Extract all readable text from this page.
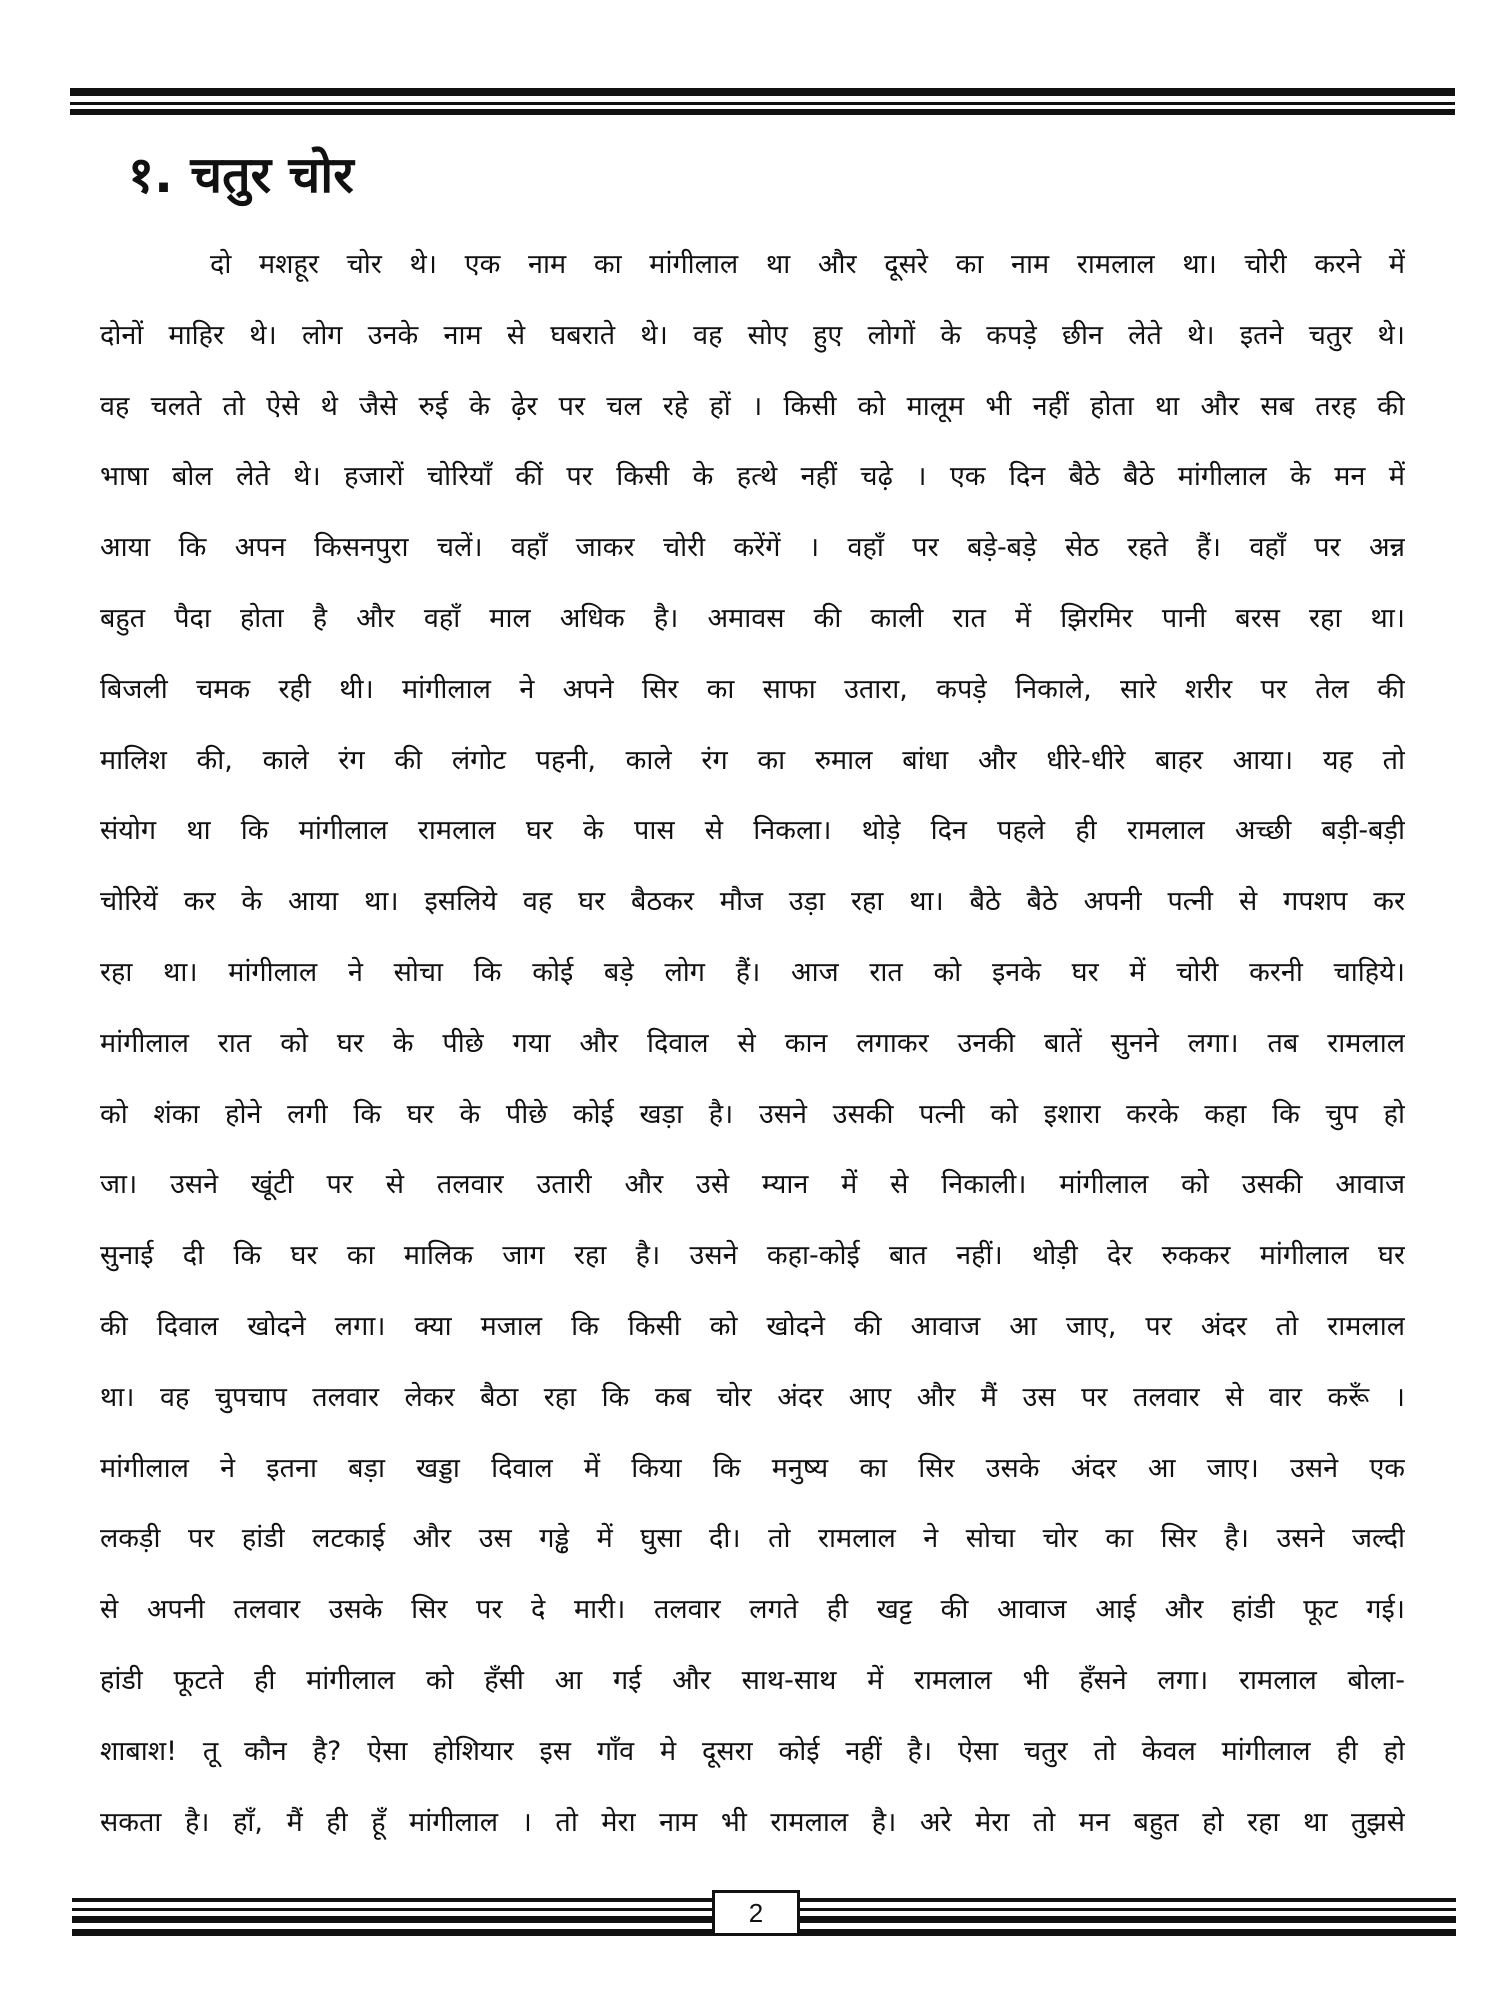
१. चतुर चोर
दो मशहूर चोर थे। एक नाम का मांगीलाल था और दूसरे का नाम रामलाल था। चोरी करने में
दोनों माहिर थे। लोग उनके नाम से घबराते थे। वह सोए हुए लोगों के कपड़े छीन लेते थे। इतने चतुर थे।
वह चलते तो ऐसे थे जैसे रुई के ढ़ेर पर चल रहे हों । किसी को मालूम भी नहीं होता था और सब तरह की
भाषा बोल लेते थे। हजारों चोरियाँ कीं पर किसी के हत्थे नहीं चढ़े । एक दिन बैठे बैठे मांगीलाल के मन में
आया कि अपन किसनपुरा चलें। वहाँ जाकर चोरी करेंगें । वहाँ पर बड़े-बड़े सेठ रहते हैं। वहाँ पर अन्न
बहुत पैदा होता है और वहाँ माल अधिक है। अमावस की काली रात में झिरमिर पानी बरस रहा था।
बिजली चमक रही थी। मांगीलाल ने अपने सिर का साफा उतारा, कपड़े निकाले, सारे शरीर पर तेल की
मालिश की, काले रंग की लंगोट पहनी, काले रंग का रुमाल बांधा और धीरे-धीरे बाहर आया। यह तो
संयोग था कि मांगीलाल रामलाल घर के पास से निकला। थोड़े दिन पहले ही रामलाल अच्छी बड़ी-बड़ी
चोरियें कर के आया था। इसलिये वह घर बैठकर मौज उड़ा रहा था। बैठे बैठे अपनी पत्नी से गपशप कर
रहा था। मांगीलाल ने सोचा कि कोई बड़े लोग हैं। आज रात को इनके घर में चोरी करनी चाहिये।
मांगीलाल रात को घर के पीछे गया और दिवाल से कान लगाकर उनकी बातें सुनने लगा। तब रामलाल
को शंका होने लगी कि घर के पीछे कोई खड़ा है। उसने उसकी पत्नी को इशारा करके कहा कि चुप हो
जा। उसने खूंटी पर से तलवार उतारी और उसे म्यान में से निकाली। मांगीलाल को उसकी आवाज
सुनाई दी कि घर का मालिक जाग रहा है। उसने कहा-कोई बात नहीं। थोड़ी देर रुककर मांगीलाल घर
की दिवाल खोदने लगा। क्या मजाल कि किसी को खोदने की आवाज आ जाए, पर अंदर तो रामलाल
था। वह चुपचाप तलवार लेकर बैठा रहा कि कब चोर अंदर आए और मैं उस पर तलवार से वार करूँ ।
मांगीलाल ने इतना बड़ा खड्डा दिवाल में किया कि मनुष्य का सिर उसके अंदर आ जाए। उसने एक
लकड़ी पर हांडी लटकाई और उस गड्ढे में घुसा दी। तो रामलाल ने सोचा चोर का सिर है। उसने जल्दी
से अपनी तलवार उसके सिर पर दे मारी। तलवार लगते ही खट्ट की आवाज आई और हांडी फूट गई।
हांडी फूटते ही मांगीलाल को हँसी आ गई और साथ-साथ में रामलाल भी हँसने लगा। रामलाल बोला-
शाबाश! तू कौन है? ऐसा होशियार इस गाँव मे दूसरा कोई नहीं है। ऐसा चतुर तो केवल मांगीलाल ही हो
सकता है। हाँ, मैं ही हूँ मांगीलाल । तो मेरा नाम भी रामलाल है। अरे मेरा तो मन बहुत हो रहा था तुझसे
2
